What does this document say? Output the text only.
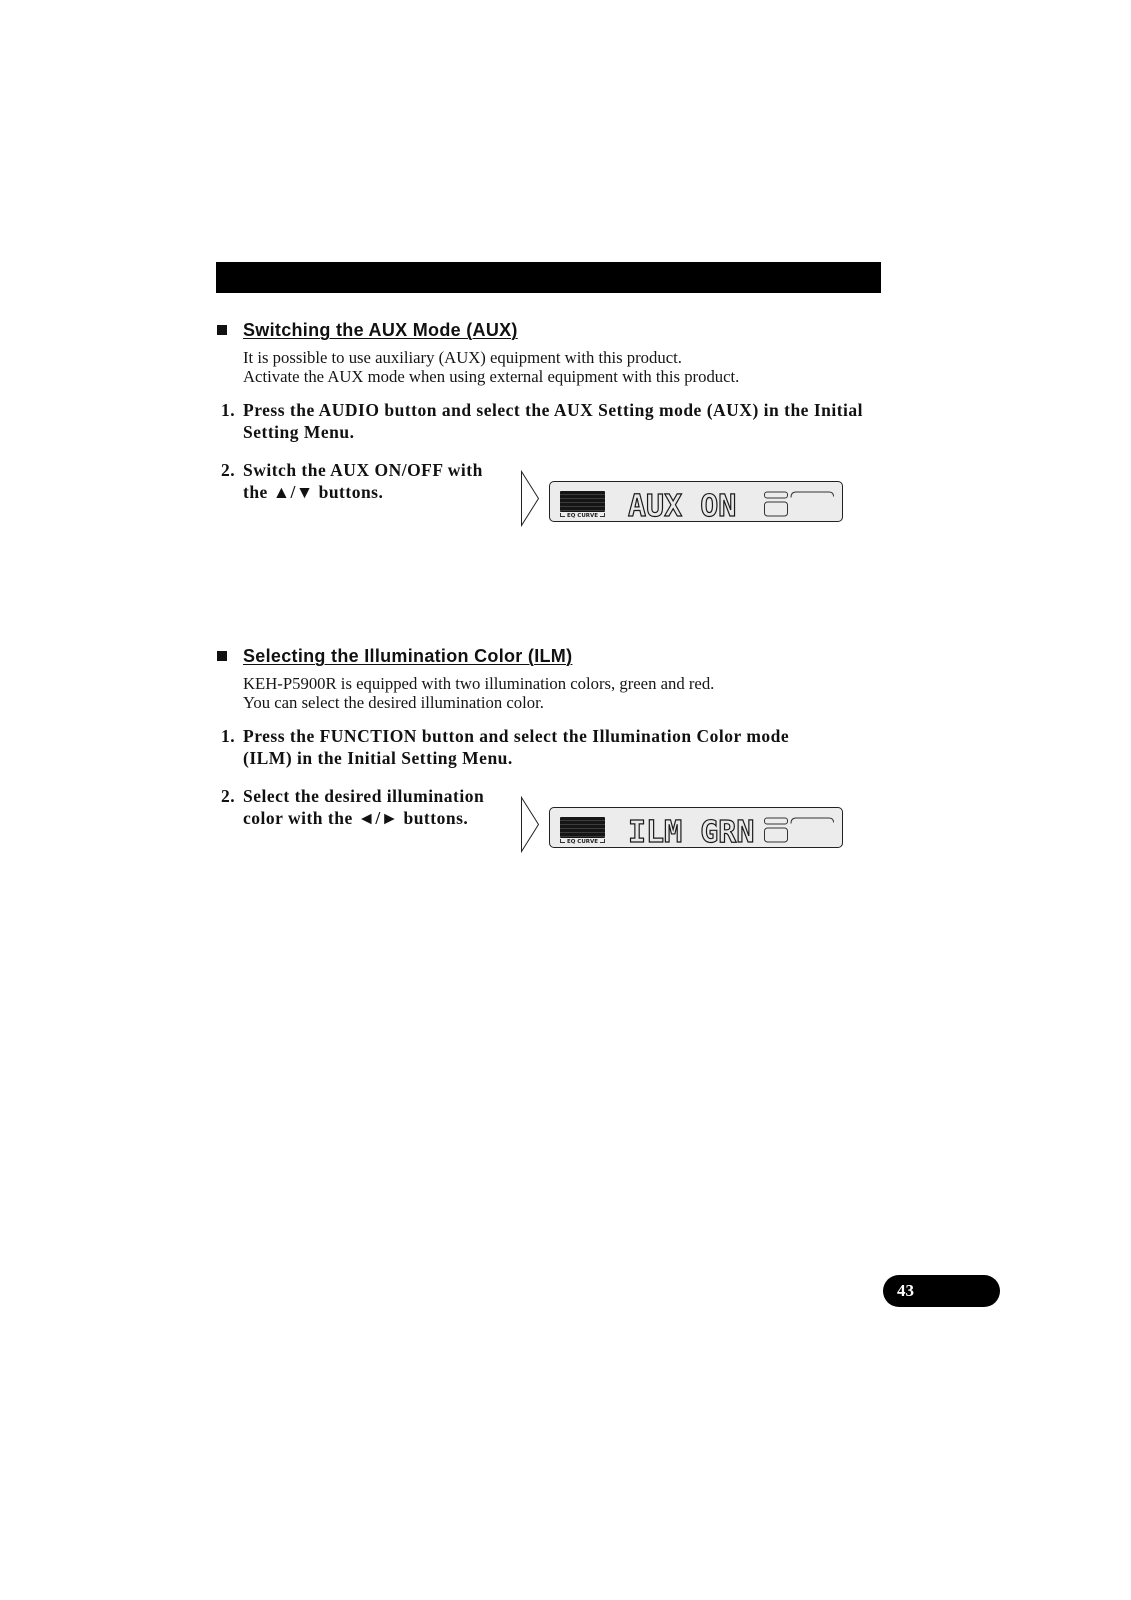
Switching the AUX Mode (AUX)
It is possible to use auxiliary (AUX) equipment with this product.
Activate the AUX mode when using external equipment with this product.
1. Press the AUDIO button and select the AUX Setting mode (AUX) in the Initial
Setting Menu.
2. Switch the AUX ON/OFF with
the ▲/▼ buttons.
EQ CURVE AUX ON
Selecting the Illumination Color (ILM)
KEH-P5900R is equipped with two illumination colors, green and red.
You can select the desired illumination color.
1. Press the FUNCTION button and select the Illumination Color mode
(ILM) in the Initial Setting Menu.
2. Select the desired illumination
color with the ◄/► buttons.
EQ CURVE ILM GRN
43
